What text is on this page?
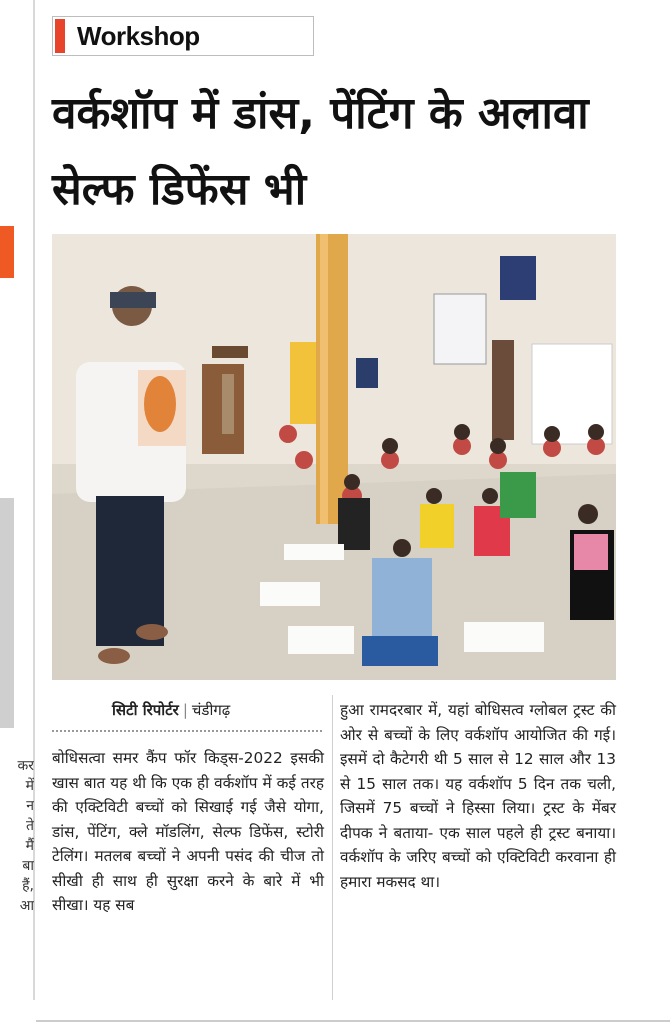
कर
में
न
ते
मैं
बा
हैं,
आ
Workshop
वर्कशॉप में डांस, पेंटिंग के अलावा सेल्फ डिफेंस भी
सिटी रिपोर्टर | चंडीगढ़
बोधिसत्वा समर कैंप फॉर किड्स-2022 इसकी खास बात यह थी कि एक ही वर्कशॉप में कई तरह की एक्टिविटी बच्चों को सिखाई गई जैसे योगा, डांस, पेंटिंग, क्ले मॉडलिंग, सेल्फ डिफेंस, स्टोरी टेलिंग। मतलब बच्चों ने अपनी पसंद की चीज तो सीखी ही साथ ही सुरक्षा करने के बारे में भी सीखा। यह सब
हुआ रामदरबार में, यहां बोधिसत्व ग्लोबल ट्रस्ट की ओर से बच्चों के लिए वर्कशॉप आयोजित की गई। इसमें दो कैटेगरी थी 5 साल से 12 साल और 13 से 15 साल तक। यह वर्कशॉप 5 दिन तक चली, जिसमें 75 बच्चों ने हिस्सा लिया। ट्रस्ट के मेंबर दीपक ने बताया- एक साल पहले ही ट्रस्ट बनाया। वर्कशॉप के जरिए बच्चों को एक्टिविटी करवाना ही हमारा मकसद था।
